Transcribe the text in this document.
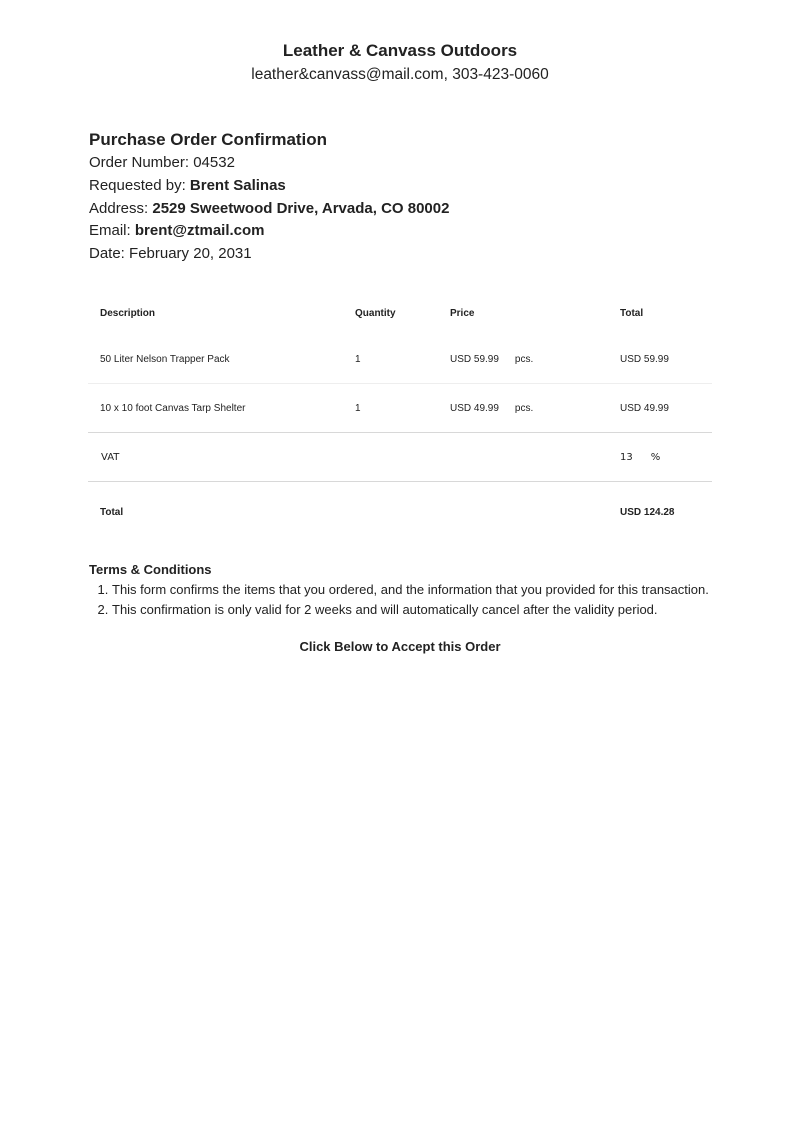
Leather & Canvass Outdoors
leather&canvass@mail.com, 303-423-0060
Purchase Order Confirmation
Order Number: 04532
Requested by: Brent Salinas
Address: 2529 Sweetwood Drive, Arvada, CO 80002
Email: brent@ztmail.com
Date: February 20, 2031
Description	Quantity	Price	Total
50 Liter Nelson Trapper Pack	1	USD 59.99 pcs.	USD 59.99
10 x 10 foot Canvas Tarp Shelter	1	USD 49.99 pcs.	USD 49.99
VAT			13 %
Total			USD 124.28
Terms & Conditions
1. This form confirms the items that you ordered, and the information that you provided for this transaction.
2. This confirmation is only valid for 2 weeks and will automatically cancel after the validity period.
Click Below to Accept this Order
